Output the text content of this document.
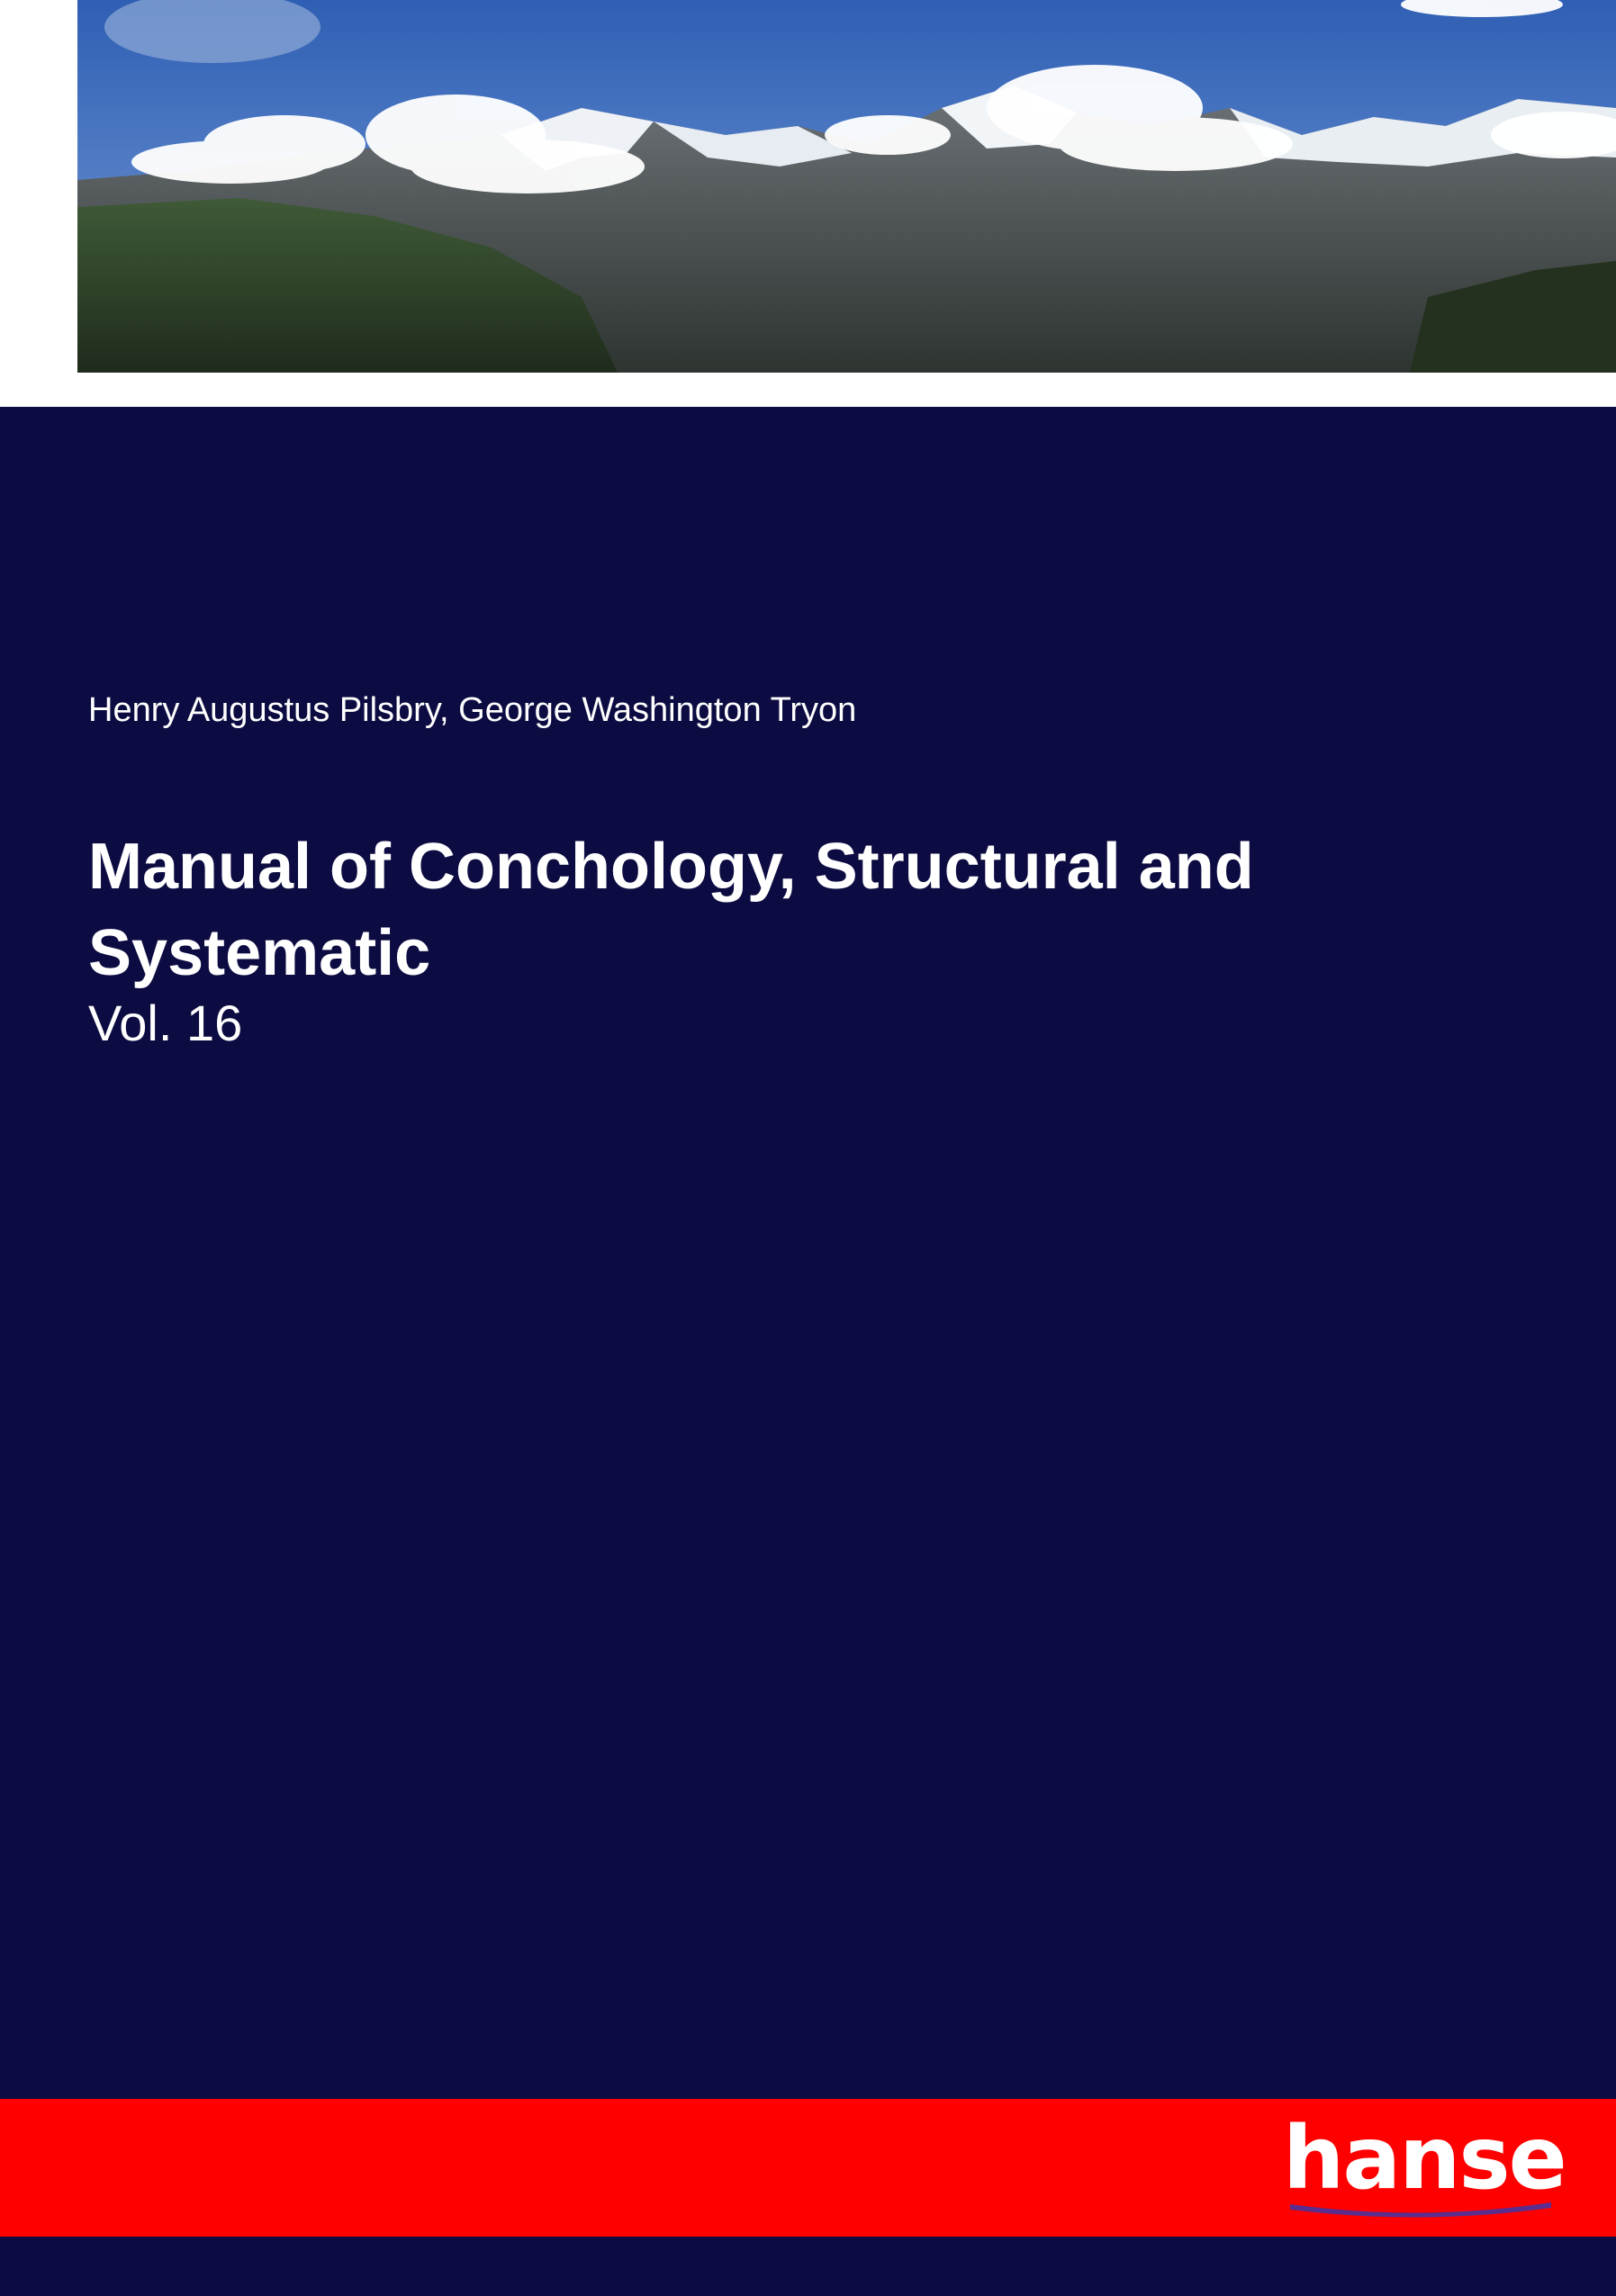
Henry Augustus Pilsbry, George Washington Tryon
Manual of Conchology, Structural and Systematic
Vol. 16
hanse
